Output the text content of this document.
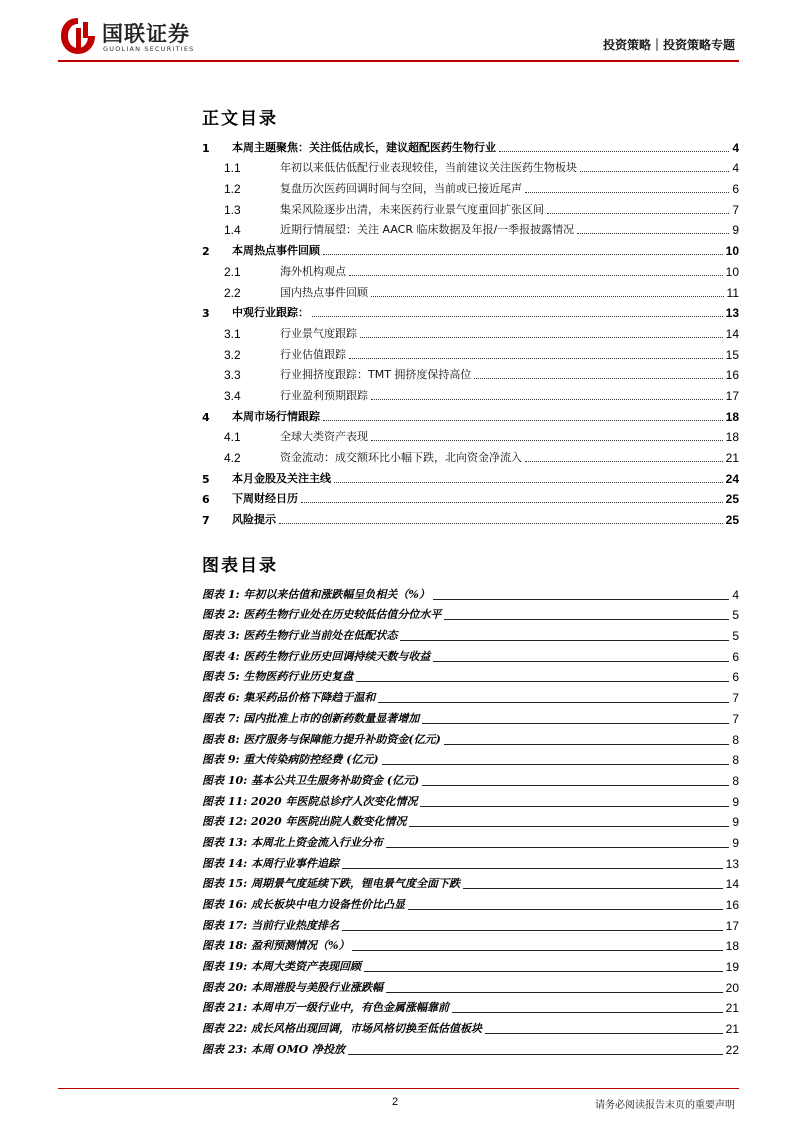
国联证券
GUOLIAN SECURITIES	投资策略｜投资策略专题
正文目录
1	本周主题聚焦：关注低估成长，建议超配医药生物行业	4
1.1	年初以来低估低配行业表现较佳，当前建议关注医药生物板块	4
1.2	复盘历次医药回调时间与空间，当前或已接近尾声	6
1.3	集采风险逐步出清，未来医药行业景气度重回扩张区间	7
1.4	近期行情展望：关注 AACR 临床数据及年报/一季报披露情况	9
2	本周热点事件回顾	10
2.1	海外机构观点	10
2.2	国内热点事件回顾	11
3	中观行业跟踪：	13
3.1	行业景气度跟踪	14
3.2	行业估值跟踪	15
3.3	行业拥挤度跟踪：TMT 拥挤度保持高位	16
3.4	行业盈利预期跟踪	17
4	本周市场行情跟踪	18
4.1	全球大类资产表现	18
4.2	资金流动：成交额环比小幅下跌，北向资金净流入	21
5	本月金股及关注主线	24
6	下周财经日历	25
7	风险提示	25
图表目录
图表 1: 年初以来估值和涨跌幅呈负相关（%）	4
图表 2: 医药生物行业处在历史较低估值分位水平	5
图表 3: 医药生物行业当前处在低配状态	5
图表 4: 医药生物行业历史回调持续天数与收益	6
图表 5: 生物医药行业历史复盘	6
图表 6: 集采药品价格下降趋于温和	7
图表 7: 国内批准上市的创新药数量显著增加	7
图表 8: 医疗服务与保障能力提升补助资金(亿元)	8
图表 9: 重大传染病防控经费 (亿元)	8
图表 10: 基本公共卫生服务补助资金 (亿元)	8
图表 11: 2020 年医院总诊疗人次变化情况	9
图表 12: 2020 年医院出院人数变化情况	9
图表 13: 本周北上资金流入行业分布	9
图表 14: 本周行业事件追踪	13
图表 15: 周期景气度延续下跌，锂电景气度全面下跌	14
图表 16: 成长板块中电力设备性价比凸显	16
图表 17: 当前行业热度排名	17
图表 18: 盈利预测情况（%）	18
图表 19: 本周大类资产表现回顾	19
图表 20: 本周港股与美股行业涨跌幅	20
图表 21: 本周申万一级行业中，有色金属涨幅靠前	21
图表 22: 成长风格出现回调，市场风格切换至低估值板块	21
图表 23: 本周 OMO 净投放	22
2	请务必阅读报告末页的重要声明
